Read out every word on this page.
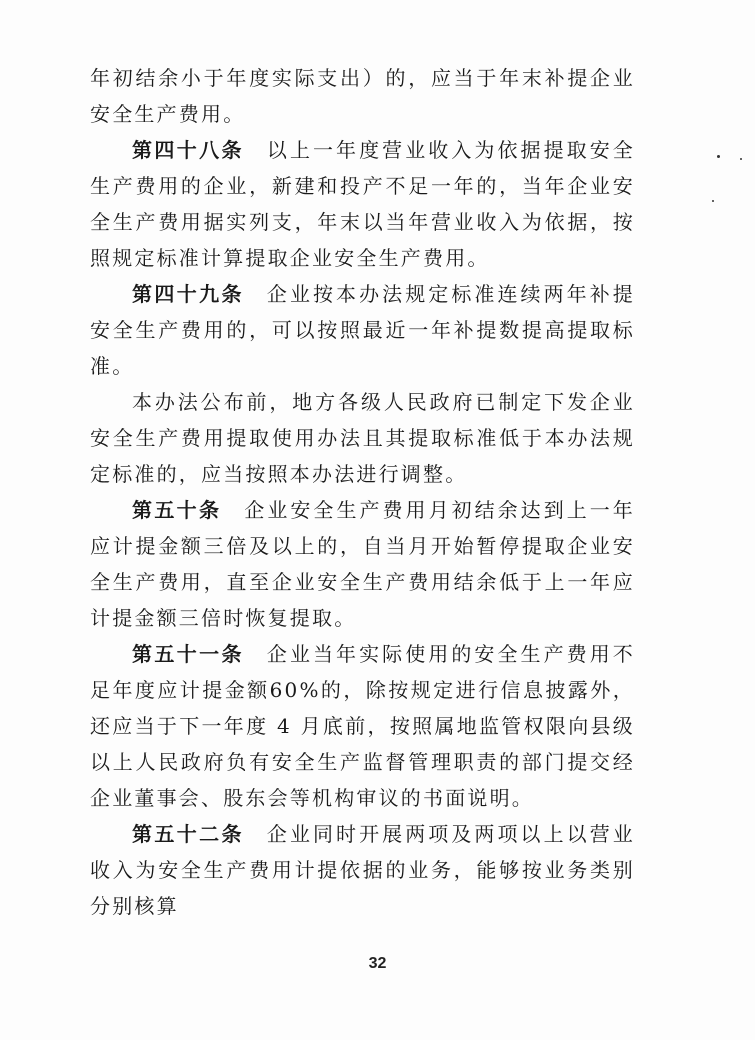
年初结余小于年度实际支出）的，应当于年末补提企业安全生产费用。

第四十八条  以上一年度营业收入为依据提取安全生产费用的企业，新建和投产不足一年的，当年企业安全生产费用据实列支，年末以当年营业收入为依据，按照规定标准计算提取企业安全生产费用。

第四十九条  企业按本办法规定标准连续两年补提安全生产费用的，可以按照最近一年补提数提高提取标准。

本办法公布前，地方各级人民政府已制定下发企业安全生产费用提取使用办法且其提取标准低于本办法规定标准的，应当按照本办法进行调整。

第五十条  企业安全生产费用月初结余达到上一年应计提金额三倍及以上的，自当月开始暂停提取企业安全生产费用，直至企业安全生产费用结余低于上一年应计提金额三倍时恢复提取。

第五十一条  企业当年实际使用的安全生产费用不足年度应计提金额60%的，除按规定进行信息披露外，还应当于下一年度 4 月底前，按照属地监管权限向县级以上人民政府负有安全生产监督管理职责的部门提交经企业董事会、股东会等机构审议的书面说明。

第五十二条  企业同时开展两项及两项以上以营业收入为安全生产费用计提依据的业务，能够按业务类别分别核算

32
